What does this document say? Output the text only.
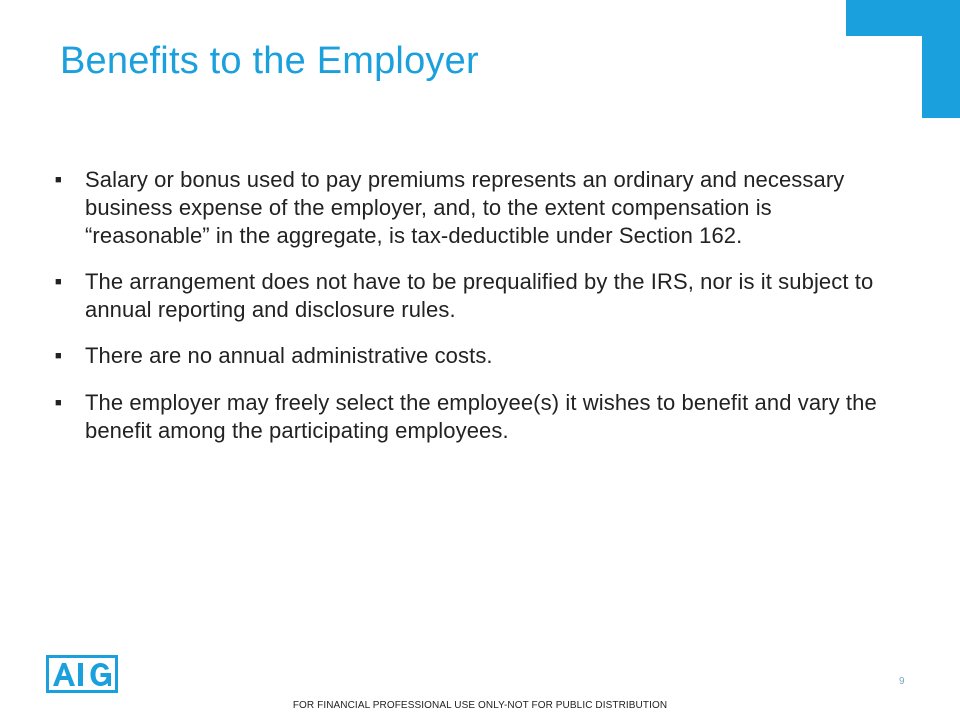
Benefits to the Employer
■	Salary or bonus used to pay premiums represents an ordinary and necessary business expense of the employer, and, to the extent compensation is “reasonable” in the aggregate, is tax-deductible under Section 162.
■	The arrangement does not have to be prequalified by the IRS, nor is it subject to annual reporting and disclosure rules.
■	There are no annual administrative costs.
■	The employer may freely select the employee(s) it wishes to benefit and vary the benefit among the participating employees.
9
FOR FINANCIAL PROFESSIONAL USE ONLY-NOT FOR PUBLIC DISTRIBUTION
